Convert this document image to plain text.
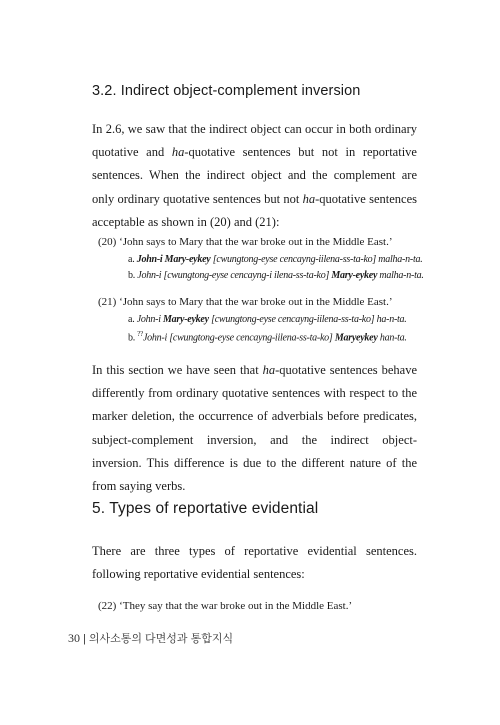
3.2. Indirect object-complement inversion
In 2.6, we saw that the indirect object can occur in both ordinary
quotative and ha-quotative sentences but not in reportative
sentences. When the indirect object and the complement are
only ordinary quotative sentences but not ha-quotative sentences
acceptable as shown in (20) and (21):
(20) ‘John says to Mary that the war broke out in the Middle East.’
a. John-i Mary-eykey [cwungtong-eyse cencayng-iilena-ss-ta-ko] malha-n-ta.
b. John-i [cwungtong-eyse cencayng-i ilena-ss-ta-ko] Mary-eykey malha-n-ta.
(21) ‘John says to Mary that the war broke out in the Middle East.’
a. John-i Mary-eykey [cwungtong-eyse cencayng-iilena-ss-ta-ko] ha-n-ta.
b. ??John-i [cwungtong-eyse cencayng-iilena-ss-ta-ko] Maryeykey han-ta.
In this section we have seen that ha-quotative sentences behave
differently from ordinary quotative sentences with respect to the
marker deletion, the occurrence of adverbials before predicates,
subject-complement inversion, and the indirect object-
inversion. This difference is due to the different nature of the
from saying verbs.
5. Types of reportative evidential
There are three types of reportative evidential sentences.
following reportative evidential sentences:
(22) ‘They say that the war broke out in the Middle East.’
30 | 의사소통의 다면성과 통합지식
